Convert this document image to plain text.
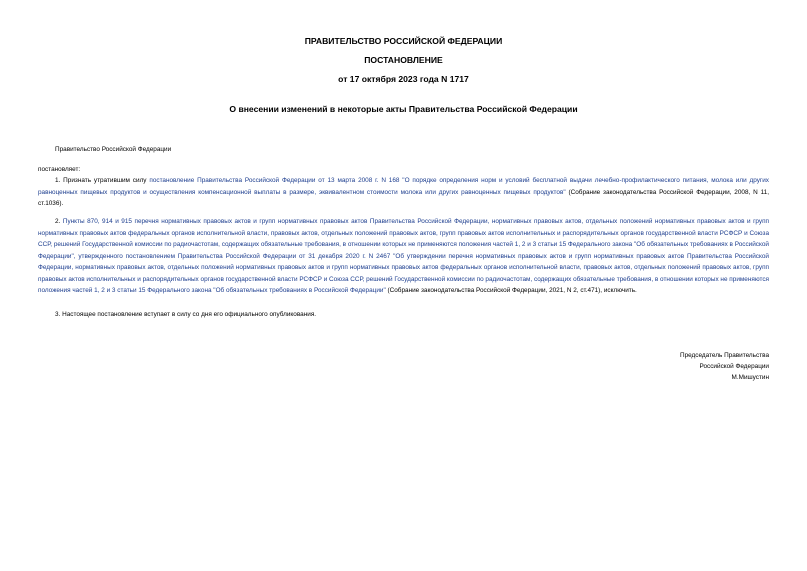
ПРАВИТЕЛЬСТВО РОССИЙСКОЙ ФЕДЕРАЦИИ
ПОСТАНОВЛЕНИЕ
от 17 октября 2023 года N 1717
О внесении изменений в некоторые акты Правительства Российской Федерации
Правительство Российской Федерации
постановляет:
1. Признать утратившим силу постановление Правительства Российской Федерации от 13 марта 2008 г. N 168 "О порядке определения норм и условий бесплатной выдачи лечебно-профилактического питания, молока или других равноценных пищевых продуктов и осуществления компенсационной выплаты в размере, эквивалентном стоимости молока или других равноценных пищевых продуктов" (Собрание законодательства Российской Федерации, 2008, N 11, ст.1036).
2. Пункты 870, 914 и 915 перечня нормативных правовых актов и групп нормативных правовых актов Правительства Российской Федерации, нормативных правовых актов, отдельных положений нормативных правовых актов и групп нормативных правовых актов федеральных органов исполнительной власти, правовых актов, отдельных положений правовых актов, групп правовых актов исполнительных и распорядительных органов государственной власти РСФСР и Союза ССР, решений Государственной комиссии по радиочастотам, содержащих обязательные требования, в отношении которых не применяются положения частей 1, 2 и 3 статьи 15 Федерального закона "Об обязательных требованиях в Российской Федерации", утвержденного постановлением Правительства Российской Федерации от 31 декабря 2020 г. N 2467 "Об утверждении перечня нормативных правовых актов и групп нормативных правовых актов Правительства Российской Федерации, нормативных правовых актов, отдельных положений нормативных правовых актов и групп нормативных правовых актов федеральных органов исполнительной власти, правовых актов, отдельных положений правовых актов, групп правовых актов исполнительных и распорядительных органов государственной власти РСФСР и Союза ССР, решений Государственной комиссии по радиочастотам, содержащих обязательные требования, в отношении которых не применяются положения частей 1, 2 и 3 статьи 15 Федерального закона "Об обязательных требованиях в Российской Федерации" (Собрание законодательства Российской Федерации, 2021, N 2, ст.471), исключить.
3. Настоящее постановление вступает в силу со дня его официального опубликования.
Председатель Правительства
Российской Федерации
М.Мишустин
